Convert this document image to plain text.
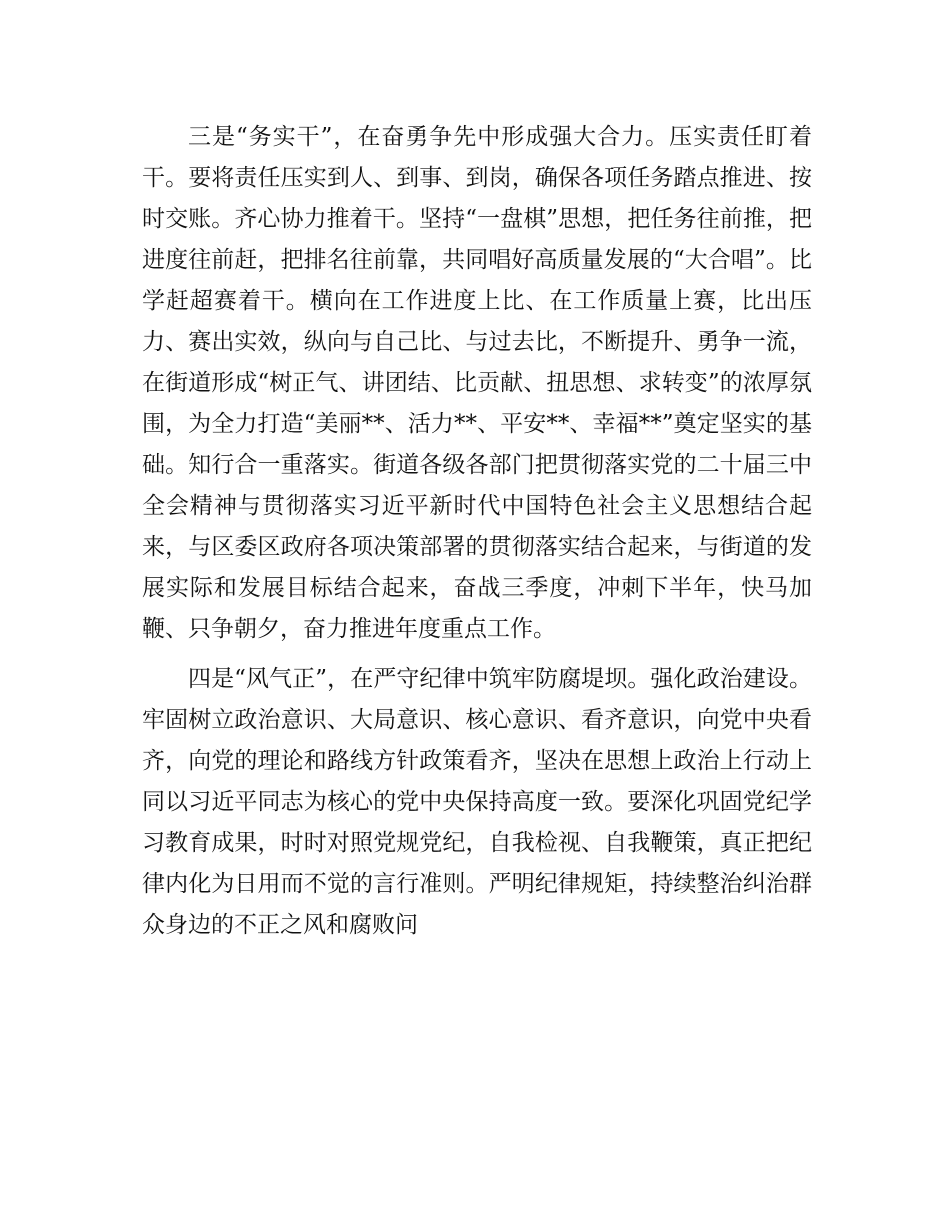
三是“务实干”，在奋勇争先中形成强大合力。压实责任盯着干。要将责任压实到人、到事、到岗，确保各项任务踏点推进、按时交账。齐心协力推着干。坚持“一盘棋”思想，把任务往前推，把进度往前赶，把排名往前靠，共同唱好高质量发展的“大合唱”。比学赶超赛着干。横向在工作进度上比、在工作质量上赛，比出压力、赛出实效，纵向与自己比、与过去比，不断提升、勇争一流，在街道形成“树正气、讲团结、比贡献、扭思想、求转变”的浓厚氛围，为全力打造“美丽**、活力**、平安**、幸福**”奠定坚实的基础。知行合一重落实。街道各级各部门把贯彻落实党的二十届三中全会精神与贯彻落实习近平新时代中国特色社会主义思想结合起来，与区委区政府各项决策部署的贯彻落实结合起来，与街道的发展实际和发展目标结合起来，奋战三季度，冲刺下半年，快马加鞭、只争朝夕，奋力推进年度重点工作。

四是“风气正”，在严守纪律中筑牢防腐堤坝。强化政治建设。牢固树立政治意识、大局意识、核心意识、看齐意识，向党中央看齐，向党的理论和路线方针政策看齐，坚决在思想上政治上行动上同以习近平同志为核心的党中央保持高度一致。要深化巩固党纪学习教育成果，时时对照党规党纪，自我检视、自我鞭策，真正把纪律内化为日用而不觉的言行准则。严明纪律规矩，持续整治纠治群众身边的不正之风和腐败问
